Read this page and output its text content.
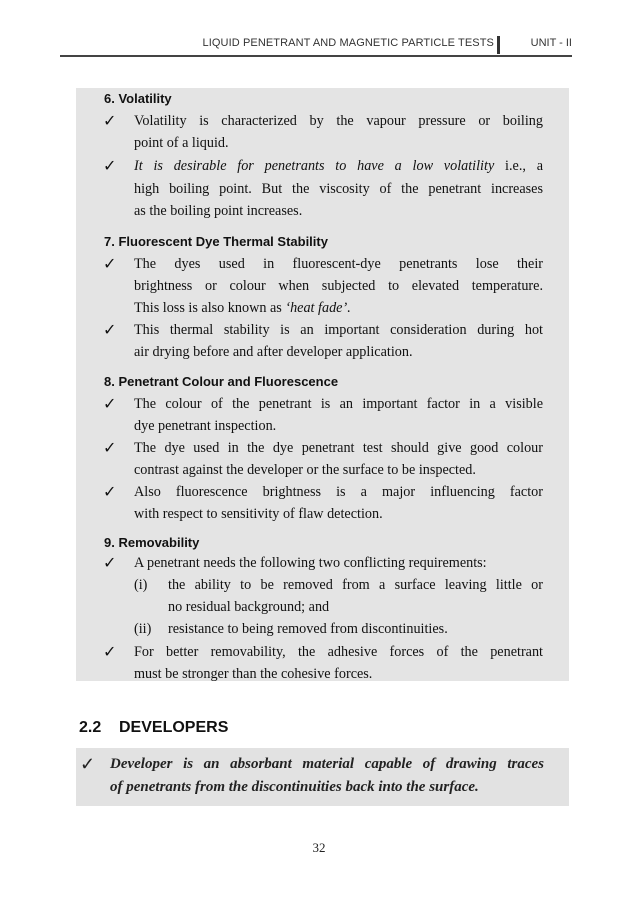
LIQUID PENETRANT AND MAGNETIC PARTICLE TESTS	UNIT - II
6. Volatility
✓ Volatility is characterized by the vapour pressure or boiling
point of a liquid.
✓ It is desirable for penetrants to have a low volatility i.e., a
high boiling point. But the viscosity of the penetrant increases
as the boiling point increases.
7. Fluorescent Dye Thermal Stability
✓ The dyes used in fluorescent-dye penetrants lose their
brightness or colour when subjected to elevated temperature.
This loss is also known as ‘heat fade’.
✓ This thermal stability is an important consideration during hot
air drying before and after developer application.
8. Penetrant Colour and Fluorescence
✓ The colour of the penetrant is an important factor in a visible
dye penetrant inspection.
✓ The dye used in the dye penetrant test should give good colour
contrast against the developer or the surface to be inspected.
✓ Also fluorescence brightness is a major influencing factor
with respect to sensitivity of flaw detection.
9. Removability
✓ A penetrant needs the following two conflicting requirements:
(i) the ability to be removed from a surface leaving little or
no residual background; and
(ii) resistance to being removed from discontinuities.
✓ For better removability, the adhesive forces of the penetrant
must be stronger than the cohesive forces.
2.2 DEVELOPERS
✓ Developer is an absorbant material capable of drawing traces
of penetrants from the discontinuities back into the surface.
32
